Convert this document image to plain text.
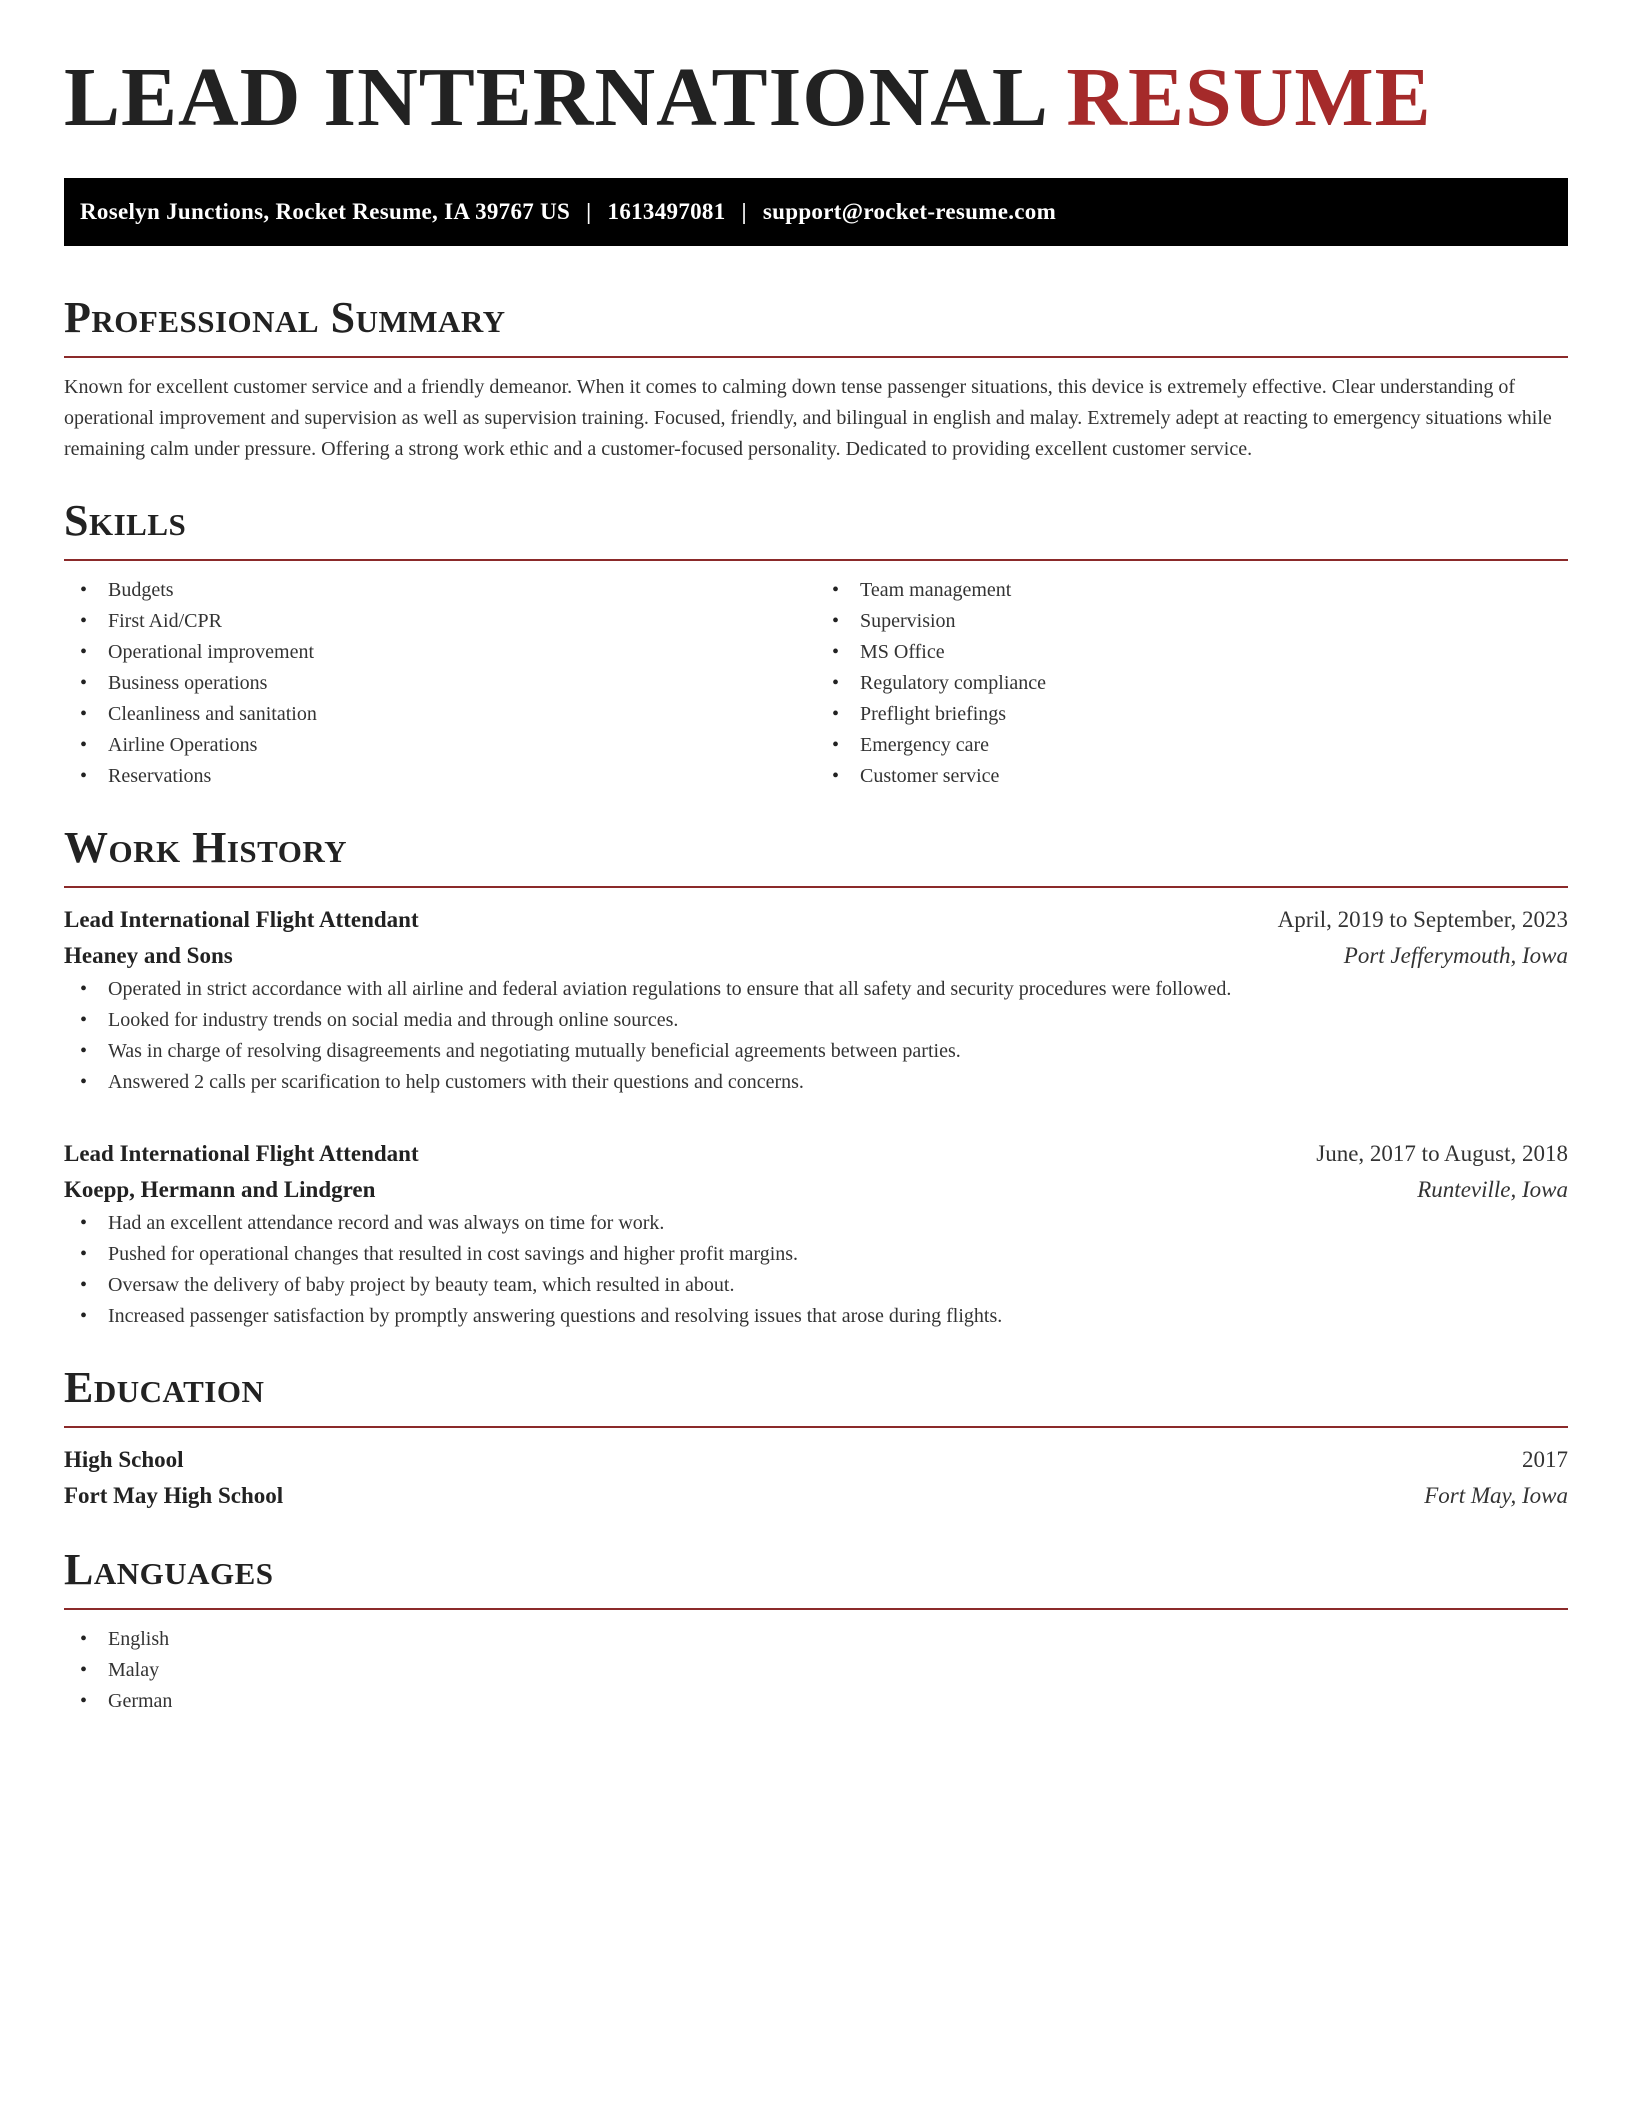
LEAD INTERNATIONAL RESUME
Roselyn Junctions, Rocket Resume, IA 39767 US | 1613497081 | support@rocket-resume.com
Professional Summary

Known for excellent customer service and a friendly demeanor. When it comes to calming down tense passenger situations, this device is extremely effective. Clear understanding of operational improvement and supervision as well as supervision training. Focused, friendly, and bilingual in english and malay. Extremely adept at reacting to emergency situations while remaining calm under pressure. Offering a strong work ethic and a customer-focused personality. Dedicated to providing excellent customer service.

Skills
• Budgets
• First Aid/CPR
• Operational improvement
• Business operations
• Cleanliness and sanitation
• Airline Operations
• Reservations
• Team management
• Supervision
• MS Office
• Regulatory compliance
• Preflight briefings
• Emergency care
• Customer service
Work History
Lead International Flight Attendant	April, 2019 to September, 2023
Heaney and Sons	Port Jefferymouth, Iowa
• Operated in strict accordance with all airline and federal aviation regulations to ensure that all safety and security procedures were followed.
• Looked for industry trends on social media and through online sources.
• Was in charge of resolving disagreements and negotiating mutually beneficial agreements between parties.
• Answered 2 calls per scarification to help customers with their questions and concerns.
Lead International Flight Attendant	June, 2017 to August, 2018
Koepp, Hermann and Lindgren	Runteville, Iowa
• Had an excellent attendance record and was always on time for work.
• Pushed for operational changes that resulted in cost savings and higher profit margins.
• Oversaw the delivery of baby project by beauty team, which resulted in about.
• Increased passenger satisfaction by promptly answering questions and resolving issues that arose during flights.
Education
High School	2017
Fort May High School	Fort May, Iowa
Languages
• English
• Malay
• German
